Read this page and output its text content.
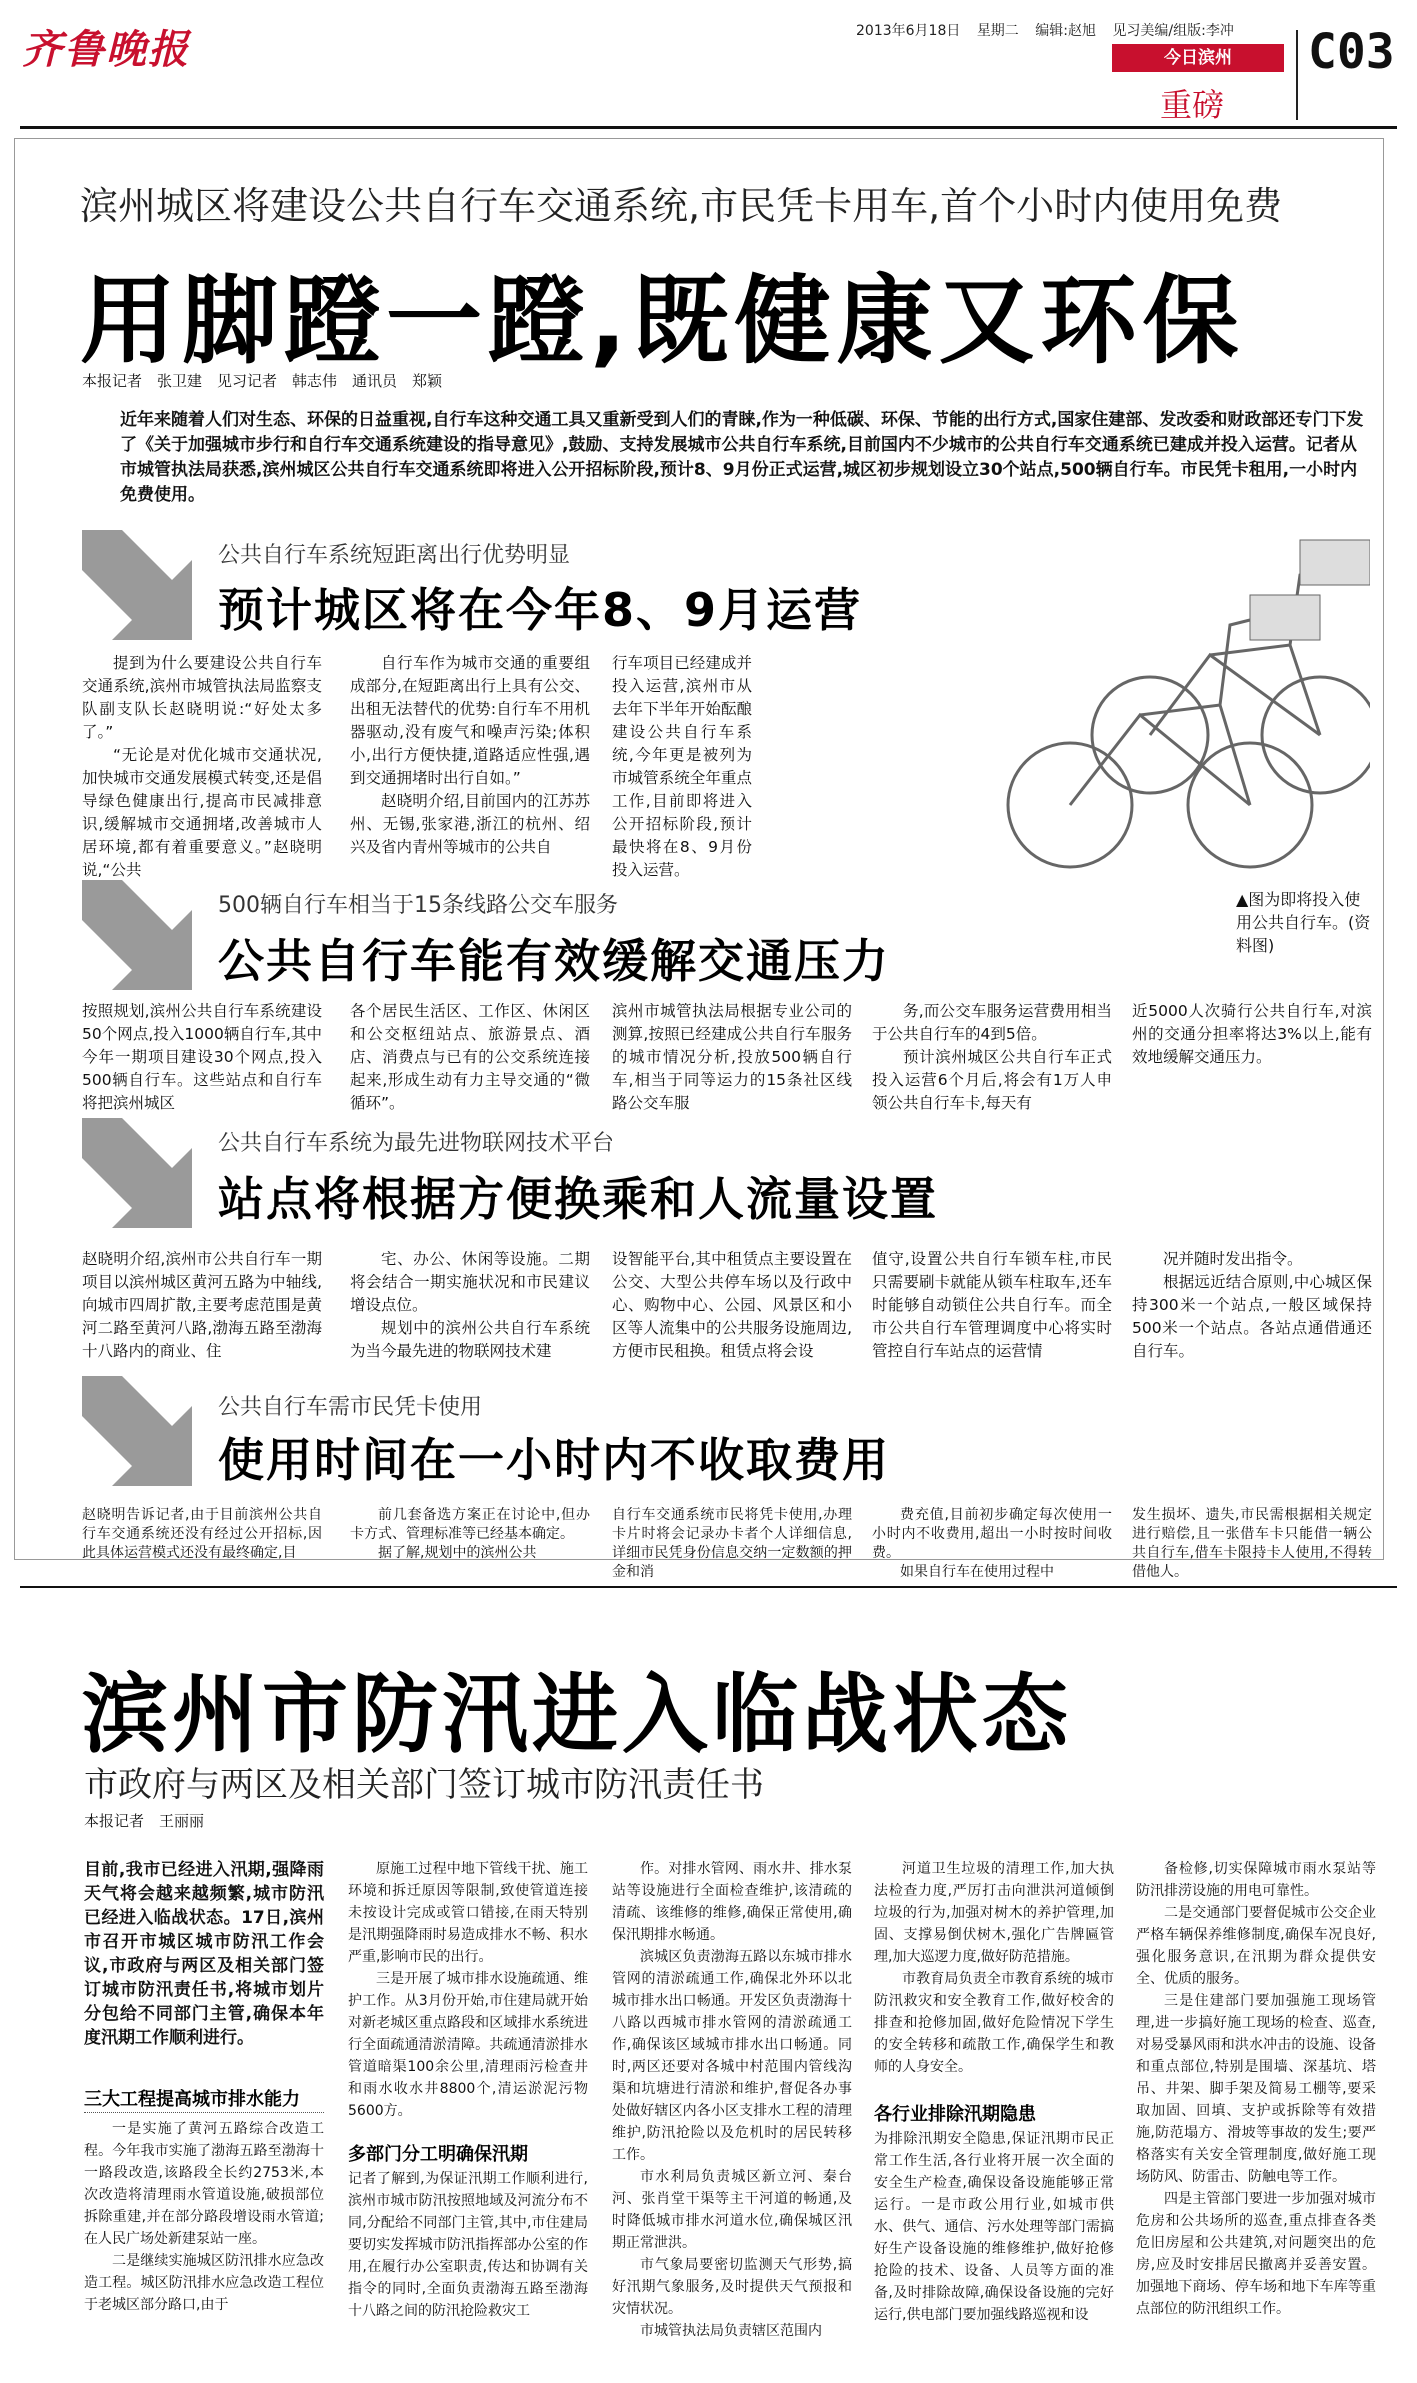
齐鲁晚报	2013年6月18日 星期二 编辑:赵旭 见习美编/组版:李冲
今日滨州
重磅
C03
滨州城区将建设公共自行车交通系统,市民凭卡用车,首个小时内使用免费
用脚蹬一蹬,既健康又环保
本报记者　张卫建　见习记者　韩志伟　通讯员　郑颖
近年来随着人们对生态、环保的日益重视,自行车这种交通工具又重新受到人们的青睐,作为一种低碳、环保、节能的出行方式,国家住建部、发改委和财政部还专门下发了《关于加强城市步行和自行车交通系统建设的指导意见》,鼓励、支持发展城市公共自行车系统,目前国内不少城市的公共自行车交通系统已建成并投入运营。记者从市城管执法局获悉,滨州城区公共自行车交通系统即将进入公开招标阶段,预计8、9月份正式运营,城区初步规划设立30个站点,500辆自行车。市民凭卡租用,一小时内免费使用。
▲图为即将投入使用公共自行车。(资料图)
公共自行车系统短距离出行优势明显
预计城区将在今年8、9月运营

提到为什么要建设公共自行车交通系统,滨州市城管执法局监察支队副支队长赵晓明说:“好处太多了。”

“无论是对优化城市交通状况,加快城市交通发展模式转变,还是倡导绿色健康出行,提高市民减排意识,缓解城市交通拥堵,改善城市人居环境,都有着重要意义。”赵晓明说,“公共

自行车作为城市交通的重要组成部分,在短距离出行上具有公交、出租无法替代的优势:自行车不用机器驱动,没有废气和噪声污染;体积小,出行方便快捷,道路适应性强,遇到交通拥堵时出行自如。”

赵晓明介绍,目前国内的江苏苏州、无锡,张家港,浙江的杭州、绍兴及省内青州等城市的公共自

行车项目已经建成并投入运营,滨州市从去年下半年开始酝酿建设公共自行车系统,今年更是被列为市城管系统全年重点工作,目前即将进入公开招标阶段,预计最快将在8、9月份投入运营。
500辆自行车相当于15条线路公交车服务
公共自行车能有效缓解交通压力
按照规划,滨州公共自行车系统建设50个网点,投入1000辆自行车,其中今年一期项目建设30个网点,投入500辆自行车。这些站点和自行车将把滨州城区
各个居民生活区、工作区、休闲区和公交枢纽站点、旅游景点、酒店、消费点与已有的公交系统连接起来,形成生动有力主导交通的“微循环”。
滨州市城管执法局根据专业公司的测算,按照已经建成公共自行车服务的城市情况分析,投放500辆自行车,相当于同等运力的15条社区线路公交车服

务,而公交车服务运营费用相当于公共自行车的4到5倍。

预计滨州城区公共自行车正式投入运营6个月后,将会有1万人申领公共自行车卡,每天有

近5000人次骑行公共自行车,对滨州的交通分担率将达3%以上,能有效地缓解交通压力。
公共自行车系统为最先进物联网技术平台
站点将根据方便换乘和人流量设置
赵晓明介绍,滨州市公共自行车一期项目以滨州城区黄河五路为中轴线,向城市四周扩散,主要考虑范围是黄河二路至黄河八路,渤海五路至渤海十八路内的商业、住

宅、办公、休闲等设施。二期将会结合一期实施状况和市民建议增设点位。

规划中的滨州公共自行车系统为当今最先进的物联网技术建

设智能平台,其中租赁点主要设置在公交、大型公共停车场以及行政中心、购物中心、公园、风景区和小区等人流集中的公共服务设施周边,方便市民租换。租赁点将会设
值守,设置公共自行车锁车柱,市民只需要刷卡就能从锁车柱取车,还车时能够自动锁住公共自行车。而全市公共自行车管理调度中心将实时管控自行车站点的运营情

况并随时发出指令。

根据远近结合原则,中心城区保持300米一个站点,一般区域保持500米一个站点。各站点通借通还自行车。

公共自行车需市民凭卡使用
使用时间在一小时内不收取费用
赵晓明告诉记者,由于目前滨州公共自行车交通系统还没有经过公开招标,因此具体运营模式还没有最终确定,目

前几套备选方案正在讨论中,但办卡方式、管理标准等已经基本确定。

据了解,规划中的滨州公共

自行车交通系统市民将凭卡使用,办理卡片时将会记录办卡者个人详细信息,详细市民凭身份信息交纳一定数额的押金和消

费充值,目前初步确定每次使用一小时内不收费用,超出一小时按时间收费。

如果自行车在使用过程中

发生损坏、遗失,市民需根据相关规定进行赔偿,且一张借车卡只能借一辆公共自行车,借车卡限持卡人使用,不得转借他人。
滨州市防汛进入临战状态
市政府与两区及相关部门签订城市防汛责任书
本报记者　王丽丽
目前,我市已经进入汛期,强降雨天气将会越来越频繁,城市防汛已经进入临战状态。17日,滨州市召开市城区城市防汛工作会议,市政府与两区及相关部门签订城市防汛责任书,将城市划片分包给不同部门主管,确保本年度汛期工作顺利进行。
三大工程提高城市排水能力

一是实施了黄河五路综合改造工程。今年我市实施了渤海五路至渤海十一路段改造,该路段全长约2753米,本次改造将清理雨水管道设施,破损部位拆除重建,并在部分路段增设雨水管道;在人民广场处新建泵站一座。

二是继续实施城区防汛排水应急改造工程。城区防汛排水应急改造工程位于老城区部分路口,由于

原施工过程中地下管线干扰、施工环境和拆迁原因等限制,致使管道连接未按设计完成或管口错接,在雨天特别是汛期强降雨时易造成排水不畅、积水严重,影响市民的出行。

三是开展了城市排水设施疏通、维护工作。从3月份开始,市住建局就开始对新老城区重点路段和区域排水系统进行全面疏通清淤清障。共疏通清淤排水管道暗渠100余公里,清理雨污检查井和雨水收水井8800个,清运淤泥污物5600方。

多部门分工明确保汛期
记者了解到,为保证汛期工作顺利进行,滨州市城市防汛按照地域及河流分布不同,分配给不同部门主管,其中,市住建局要切实发挥城市防汛指挥部办公室的作用,在履行办公室职责,传达和协调有关指令的同时,全面负责渤海五路至渤海十八路之间的防汛抢险救灾工

作。对排水管网、雨水井、排水泵站等设施进行全面检查维护,该清疏的清疏、该维修的维修,确保正常使用,确保汛期排水畅通。

滨城区负责渤海五路以东城市排水管网的清淤疏通工作,确保北外环以北城市排水出口畅通。开发区负责渤海十八路以西城市排水管网的清淤疏通工作,确保该区域城市排水出口畅通。同时,两区还要对各城中村范围内管线沟渠和坑塘进行清淤和维护,督促各办事处做好辖区内各小区支排水工程的清理维护,防汛抢险以及危机时的居民转移工作。

市水利局负责城区新立河、秦台河、张肖堂干渠等主干河道的畅通,及时降低城市排水河道水位,确保城区汛期正常泄洪。

市气象局要密切监测天气形势,搞好汛期气象服务,及时提供天气预报和灾情状况。

市城管执法局负责辖区范围内

河道卫生垃圾的清理工作,加大执法检查力度,严厉打击向泄洪河道倾倒垃圾的行为,加强对树木的养护管理,加固、支撑易倒伏树木,强化广告牌匾管理,加大巡逻力度,做好防范措施。

市教育局负责全市教育系统的城市防汛救灾和安全教育工作,做好校舍的排查和抢修加固,做好危险情况下学生的安全转移和疏散工作,确保学生和教师的人身安全。

各行业排除汛期隐患
为排除汛期安全隐患,保证汛期市民正常工作生活,各行业将开展一次全面的安全生产检查,确保设备设施能够正常运行。一是市政公用行业,如城市供水、供气、通信、污水处理等部门需搞好生产设备设施的维修维护,做好抢修抢险的技术、设备、人员等方面的准备,及时排除故障,确保设备设施的完好运行,供电部门要加强线路巡视和设

备检修,切实保障城市雨水泵站等防汛排涝设施的用电可靠性。

二是交通部门要督促城市公交企业严格车辆保养维修制度,确保车况良好,强化服务意识,在汛期为群众提供安全、优质的服务。

三是住建部门要加强施工现场管理,进一步搞好施工现场的检查、巡查,对易受暴风雨和洪水冲击的设施、设备和重点部位,特别是围墙、深基坑、塔吊、井架、脚手架及简易工棚等,要采取加固、回填、支护或拆除等有效措施,防范塌方、滑坡等事故的发生;要严格落实有关安全管理制度,做好施工现场防风、防雷击、防触电等工作。

四是主管部门要进一步加强对城市危房和公共场所的巡查,重点排查各类危旧房屋和公共建筑,对问题突出的危房,应及时安排居民撤离并妥善安置。加强地下商场、停车场和地下车库等重点部位的防汛组织工作。
